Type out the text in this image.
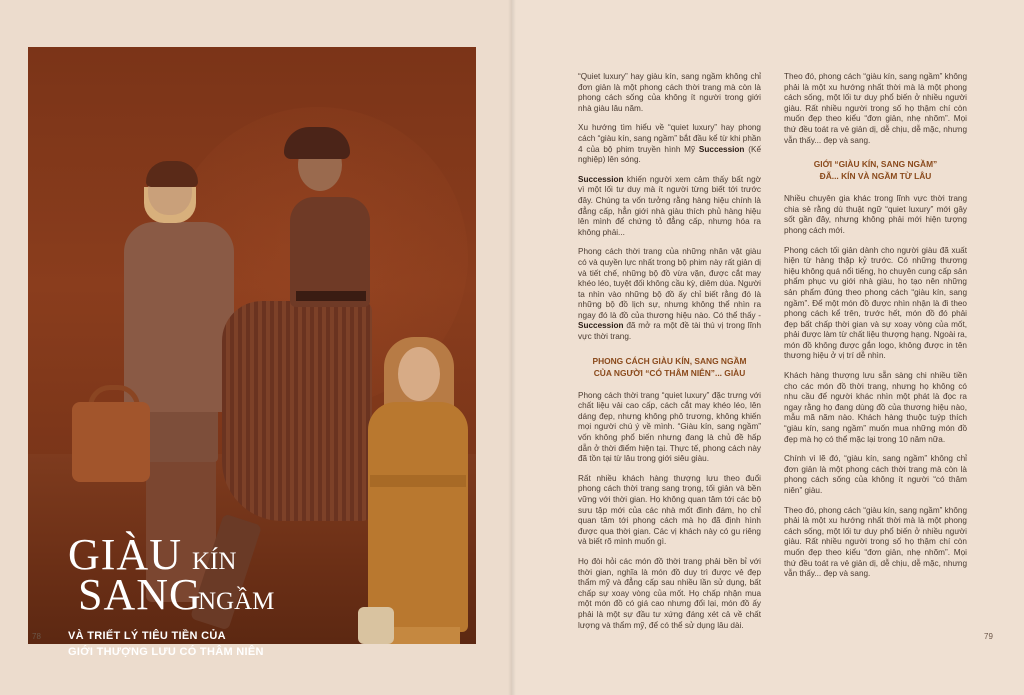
GIÀU KÍN
SANG
NGẦM
VÀ TRIẾT LÝ TIÊU TIỀN CỦA
GIỚI THƯỢNG LƯU CÓ THÂM NIÊN
78

“Quiet luxury” hay giàu kín, sang ngầm không chỉ đơn giản là một phong cách thời trang mà còn là phong cách sống của không ít người trong giới nhà giàu lâu năm.

Xu hướng tìm hiểu về “quiet luxury” hay phong cách “giàu kín, sang ngầm” bắt đầu kể từ khi phần 4 của bộ phim truyền hình Mỹ Succession (Kế nghiệp) lên sóng.

Succession khiến người xem cảm thấy bất ngờ vì một lối tư duy mà ít người từng biết tới trước đây. Chúng ta vốn tưởng rằng hàng hiệu chính là đẳng cấp, hẳn giới nhà giàu thích phủ hàng hiệu lên mình để chứng tỏ đẳng cấp, nhưng hóa ra không phải...

Phong cách thời trang của những nhân vật giàu có và quyền lực nhất trong bộ phim này rất giản dị và tiết chế, những bộ đồ vừa vặn, được cắt may khéo léo, tuyệt đối không cầu kỳ, diêm dúa. Người ta nhìn vào những bộ đồ ấy chỉ biết rằng đó là những bộ đồ lịch sự, nhưng không thể nhìn ra ngay đó là đồ của thương hiệu nào. Có thể thấy - Succession đã mở ra một đề tài thú vị trong lĩnh vực thời trang.

PHONG CÁCH GIÀU KÍN, SANG NGẦM
CỦA NGƯỜI “CÓ THÂM NIÊN”... GIÀU

Phong cách thời trang “quiet luxury” đặc trưng với chất liệu vải cao cấp, cách cắt may khéo léo, lên dáng đẹp, nhưng không phô trương, không khiến mọi người chú ý về mình. “Giàu kín, sang ngầm” vốn không phổ biến nhưng đang là chủ đề hấp dẫn ở thời điểm hiện tại. Thực tế, phong cách này đã tồn tại từ lâu trong giới siêu giàu.

Rất nhiều khách hàng thượng lưu theo đuổi phong cách thời trang sang trọng, tối giản và bền vững với thời gian. Họ không quan tâm tới các bộ sưu tập mới của các nhà mốt đình đám, họ chỉ quan tâm tới phong cách mà họ đã định hình được qua thời gian. Các vị khách này có gu riêng và biết rõ mình muốn gì.

Họ đòi hỏi các món đồ thời trang phải bền bỉ với thời gian, nghĩa là món đồ duy trì được vẻ đẹp thẩm mỹ và đẳng cấp sau nhiều lần sử dụng, bất chấp sự xoay vòng của mốt. Họ chấp nhận mua một món đồ có giá cao nhưng đổi lại, món đồ ấy phải là một sự đầu tư xứng đáng xét cả về chất lượng và thẩm mỹ, để có thể sử dụng lâu dài.

Theo đó, phong cách “giàu kín, sang ngầm” không phải là một xu hướng nhất thời mà là một phong cách sống, một lối tư duy phổ biến ở nhiều người giàu. Rất nhiều người trong số họ thậm chí còn muốn đẹp theo kiểu “đơn giản, nhẹ nhõm”. Mọi thứ đều toát ra vẻ giản dị, dễ chịu, dễ mặc, nhưng vẫn thấy... đẹp và sang.

GIỚI “GIÀU KÍN, SANG NGẦM”
ĐÃ... KÍN VÀ NGẦM TỪ LÂU

Nhiều chuyên gia khác trong lĩnh vực thời trang chia sẻ rằng dù thuật ngữ “quiet luxury” mới gây sốt gần đây, nhưng không phải mới hiện tượng phong cách mới.

Phong cách tối giản dành cho người giàu đã xuất hiện từ hàng thập kỷ trước. Có những thương hiệu không quá nổi tiếng, họ chuyên cung cấp sản phẩm phục vụ giới nhà giàu, họ tạo nên những sản phẩm đúng theo phong cách “giàu kín, sang ngầm”. Để một món đồ được nhìn nhận là đi theo phong cách kể trên, trước hết, món đồ đó phải đẹp bất chấp thời gian và sự xoay vòng của mốt, phải được làm từ chất liệu thượng hạng. Ngoài ra, món đồ không được gắn logo, không được in tên thương hiệu ở vị trí dễ nhìn.

Khách hàng thượng lưu sẵn sàng chi nhiều tiền cho các món đồ thời trang, nhưng họ không có nhu cầu để người khác nhìn một phát là đọc ra ngay rằng họ đang dùng đồ của thương hiệu nào, mẫu mã năm nào. Khách hàng thuộc tuýp thích “giàu kín, sang ngầm” muốn mua những món đồ đẹp mà họ có thể mặc lại trong 10 năm nữa.

Chính vì lẽ đó, “giàu kín, sang ngầm” không chỉ đơn giản là một phong cách thời trang mà còn là phong cách sống của không ít người “có thâm niên” giàu.

Theo đó, phong cách “giàu kín, sang ngầm” không phải là một xu hướng nhất thời mà là một phong cách sống, một lối tư duy phổ biến ở nhiều người giàu. Rất nhiều người trong số họ thậm chí còn muốn đẹp theo kiểu “đơn giản, nhẹ nhõm”. Mọi thứ đều toát ra vẻ giản dị, dễ chịu, dễ mặc, nhưng vẫn thấy... đẹp và sang.

79
